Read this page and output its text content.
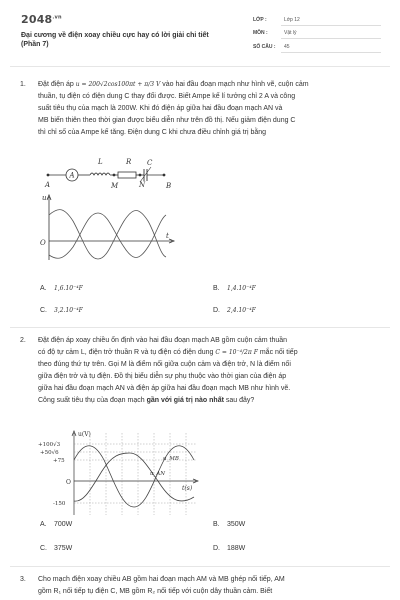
$2048^{.vn}$
Đại cương về điện xoay chiều cực hay có lời giải chi tiết
(Phần 7)
LỚP :	Lớp 12
MÔN :	Vật lý
SỐ CÂU : 45
1. Đặt điện áp u = 200√2cos100πt + π/3 V vào hai đầu đoạn mạch như hình vẽ, cuộn cảm
thuần, tụ điện có điện dung C thay đổi được. Biết Ampe kế lí tưởng chỉ 2 A và công
suất tiêu thụ của mạch là 200W. Khi đó điện áp giữa hai đầu đoạn mạch AN và
MB biến thiên theo thời gian được biểu diễn như trên đồ thị. Nếu giảm điện dung C
thì chỉ số của Ampe kế tăng. Điện dung C khi chưa điều chỉnh giá trị bằng
A
A
L	R C
M	N	B
u
t
O
A. 1,6.10⁻⁴F	B. 1,4.10⁻⁴F
C. 3,2.10⁻⁴F	D. 2,4.10⁻⁴F
2. Đặt điện áp xoay chiều ổn định vào hai đầu đoạn mạch AB gồm cuộn cảm thuần
có độ tự cảm L, điện trở thuần R và tụ điện có điện dung C = 10⁻⁴/2π F mắc nối tiếp
theo đúng thứ tự trên. Gọi M là điểm nối giữa cuộn cảm và điện trở, N là điểm nối
giữa điện trở và tụ điện. Đồ thị biểu diễn sự phụ thuộc vào thời gian của điện áp
giữa hai đầu đoạn mạch AN và điện áp giữa hai đầu đoạn mạch MB như hình vẽ.
Công suất tiêu thụ của đoạn mạch gần với giá trị nào nhất sau đây?
u(V)
t(s)
+100√3
+50√6
+75
O
-150
u_MB
u_AN
A. 700W	B. 350W
C. 375W	D. 188W
3. Cho mạch điện xoay chiều AB gồm hai đoạn mạch AM và MB ghép nối tiếp, AM
gồm R₁ nối tiếp tụ điện C, MB gồm R₂ nối tiếp với cuộn dây thuần cảm. Biết
